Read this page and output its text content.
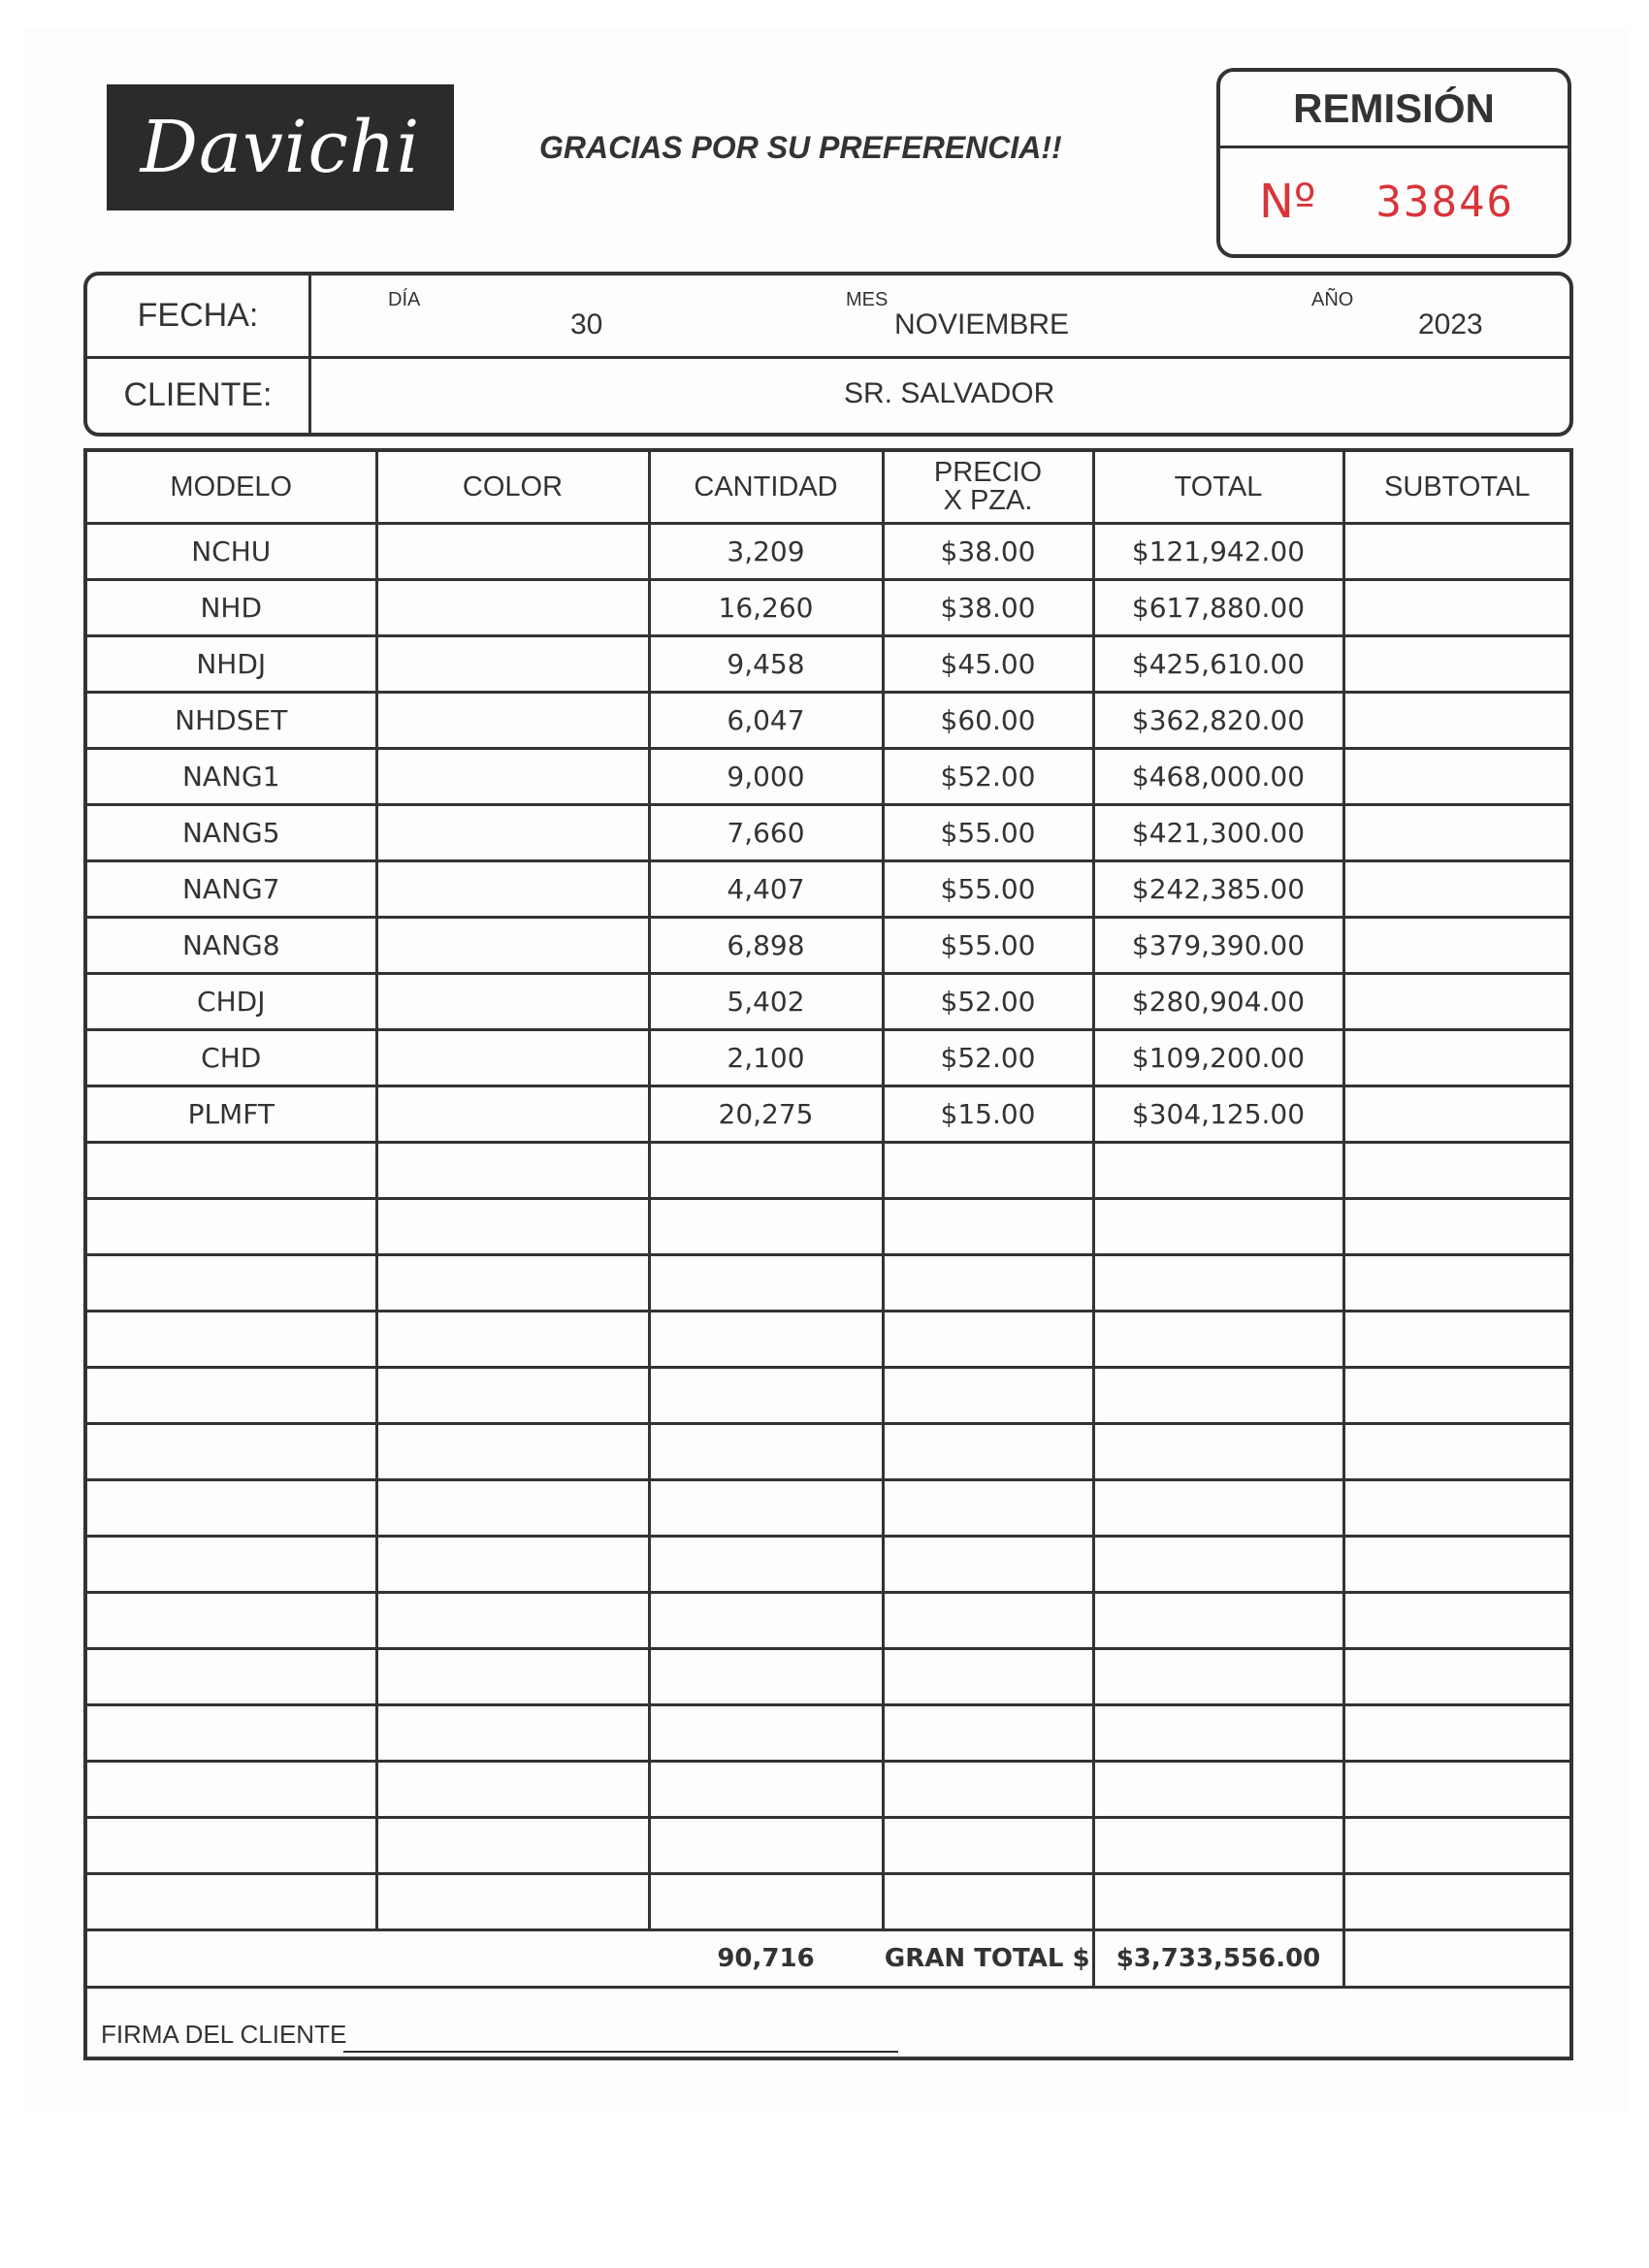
Davichi	GRACIAS POR SU PREFERENCIA!!
REMISIÓN
Nº 33846
FECHA:	DÍA
30
MES
NOVIEMBRE
AÑO
2023
CLIENTE:	SR. SALVADOR
MODELO	COLOR	CANTIDAD	PRECIO X PZA.	TOTAL	SUBTOTAL
NCHU		3,209	$38.00	$121,942.00	
NHD		16,260	$38.00	$617,880.00	
NHDJ		9,458	$45.00	$425,610.00	
NHDSET		6,047	$60.00	$362,820.00	
NANG1		9,000	$52.00	$468,000.00	
NANG5		7,660	$55.00	$421,300.00	
NANG7		4,407	$55.00	$242,385.00	
NANG8		6,898	$55.00	$379,390.00	
CHDJ		5,402	$52.00	$280,904.00	
CHD		2,100	$52.00	$109,200.00	
PLMFT		20,275	$15.00	$304,125.00	

		90,716	GRAN TOTAL $	$3,733,556.00	
FIRMA DEL CLIENTE
